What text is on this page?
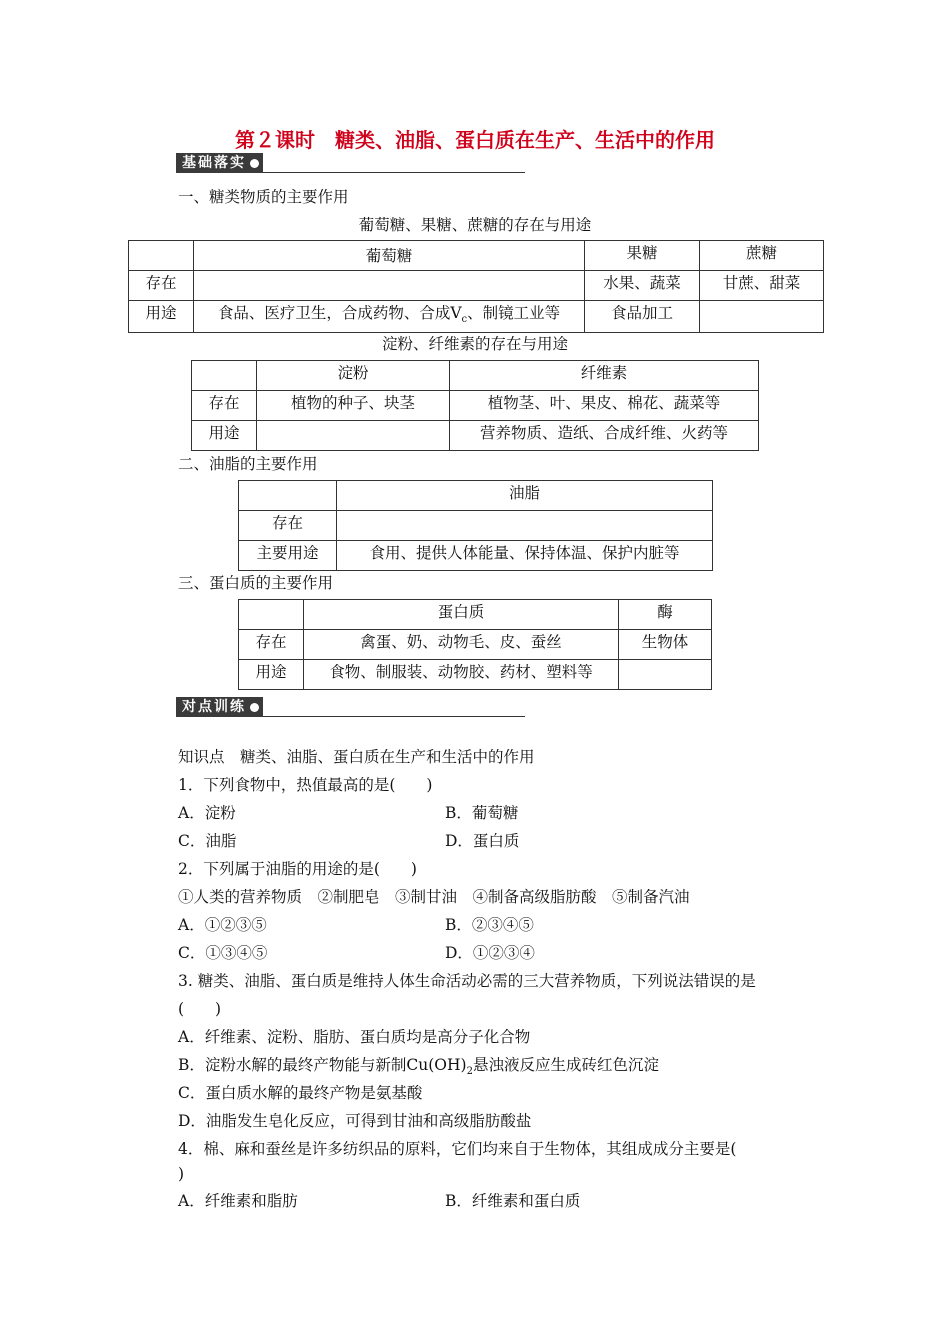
第２课时　糖类、油脂、蛋白质在生产、生活中的作用
基础落实
一、糖类物质的主要作用
葡萄糖、果糖、蔗糖的存在与用途
	葡萄糖	果糖	蔗糖
存在		水果、蔬菜	甘蔗、甜菜
用途	食品、医疗卫生，合成药物、合成$V_c$、制镜工业等	食品加工	
淀粉、纤维素的存在与用途
	淀粉	纤维素
存在	植物的种子、块茎	植物茎、叶、果皮、棉花、蔬菜等
用途		营养物质、造纸、合成纤维、火药等
二、油脂的主要作用
	油脂
存在	
主要用途	食用、提供人体能量、保持体温、保护内脏等
三、蛋白质的主要作用
	蛋白质	酶
存在	禽蛋、奶、动物毛、皮、蚕丝	生物体
用途	食物、制服装、动物胶、药材、塑料等	
对点训练
知识点　糖类、油脂、蛋白质在生产和生活中的作用
1．下列食物中，热值最高的是(　　)
A．淀粉	B．葡萄糖
C．油脂	D．蛋白质
2．下列属于油脂的用途的是(　　)
①人类的营养物质　②制肥皂　③制甘油　④制备高级脂肪酸　⑤制备汽油
A．①②③⑤	B．②③④⑤
C．①③④⑤	D．①②③④
3. 糖类、油脂、蛋白质是维持人体生命活动必需的三大营养物质，下列说法错误的是
(　　)
A．纤维素、淀粉、脂肪、蛋白质均是高分子化合物
B．淀粉水解的最终产物能与新制$Cu(OH)_2$悬浊液反应生成砖红色沉淀
C．蛋白质水解的最终产物是氨基酸
D．油脂发生皂化反应，可得到甘油和高级脂肪酸盐
4．棉、麻和蚕丝是许多纺织品的原料，它们均来自于生物体，其组成成分主要是(
)
A．纤维素和脂肪	B．纤维素和蛋白质
